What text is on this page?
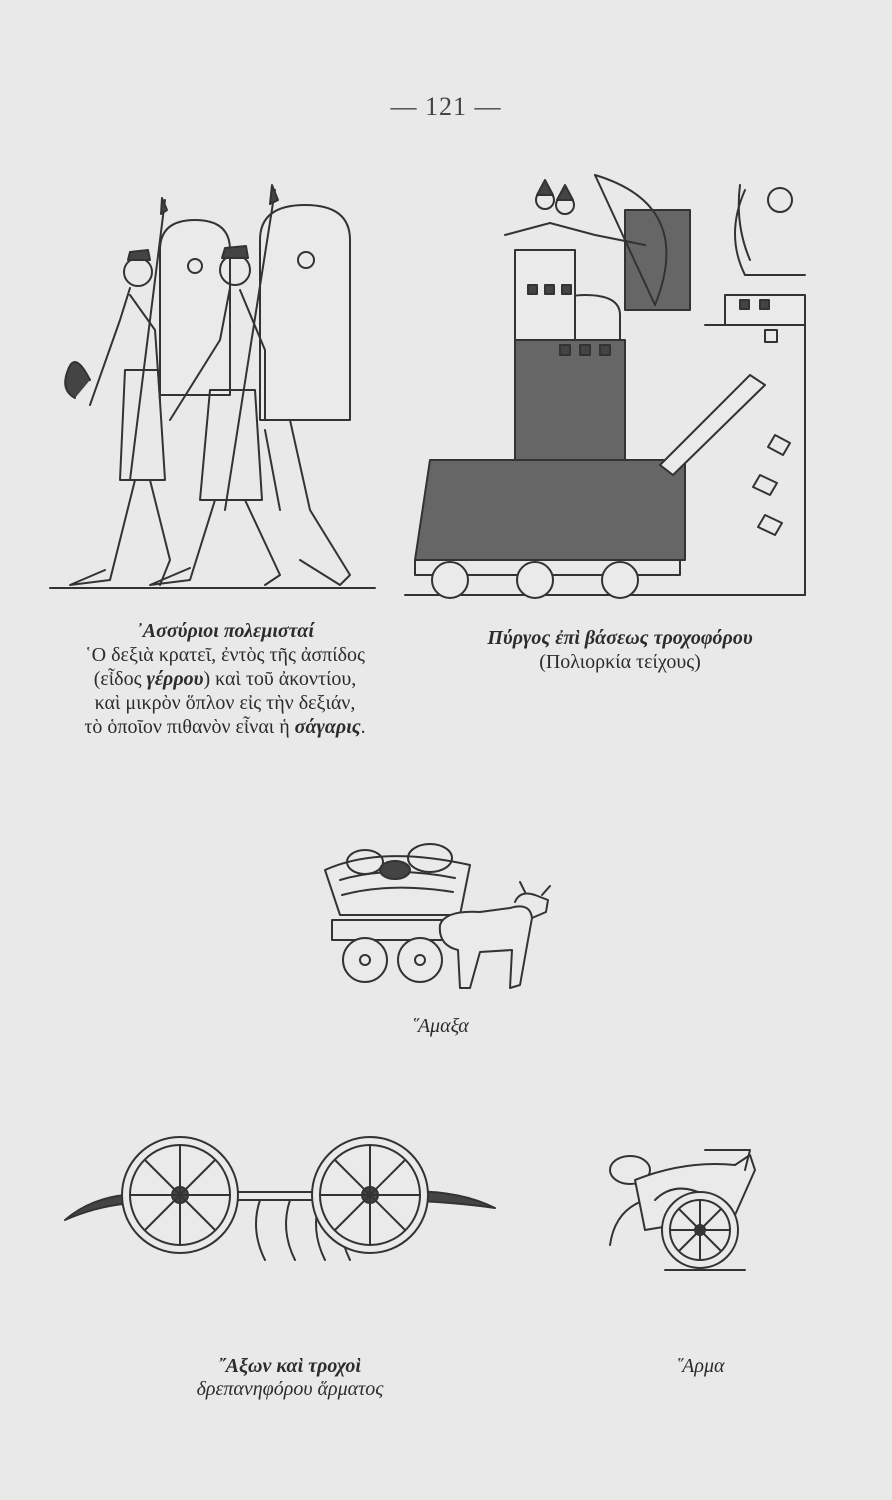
— 121 —
᾿Ασσύριοι πολεμισταί
῾Ο δεξιὰ κρατεῖ, ἐντὸς τῆς ἀσπίδος
(εἶδος γέρρου) καὶ τοῦ ἀκοντίου,
καὶ μικρὸν ὅπλον εἰς τὴν δεξιάν,
τὸ ὁποῖον πιθανὸν εἶναι ἡ σάγαρις.
Πύργος ἐπὶ βάσεως τροχοφόρου
(Πολιορκία τείχους)
῞Αμαξα
῎Αξων καὶ τροχοὶ
δρεπανηφόρου ἅρματος
῞Αρμα
